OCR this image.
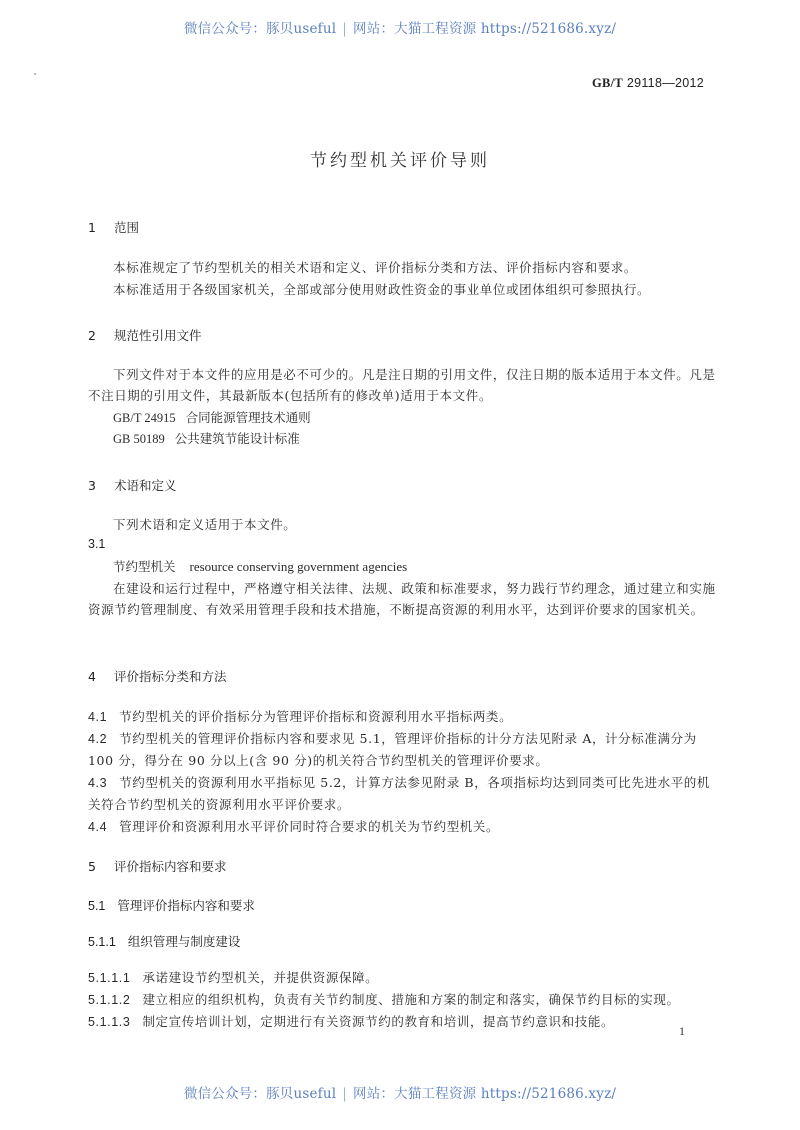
微信公众号：豚贝useful | 网站：大猫工程资源 https://521686.xyz/
GB/T 29118—2012
节约型机关评价导则
1 范围
本标准规定了节约型机关的相关术语和定义、评价指标分类和方法、评价指标内容和要求。
本标准适用于各级国家机关，全部或部分使用财政性资金的事业单位或团体组织可参照执行。
2 规范性引用文件
下列文件对于本文件的应用是必不可少的。凡是注日期的引用文件，仅注日期的版本适用于本文件。凡是不注日期的引用文件，其最新版本(包括所有的修改单)适用于本文件。
GB/T 24915 合同能源管理技术通则
GB 50189 公共建筑节能设计标准
3 术语和定义
下列术语和定义适用于本文件。
3.1
节约型机关 resource conserving government agencies
在建设和运行过程中，严格遵守相关法律、法规、政策和标准要求，努力践行节约理念，通过建立和实施资源节约管理制度、有效采用管理手段和技术措施，不断提高资源的利用水平，达到评价要求的国家机关。
4 评价指标分类和方法
4.1 节约型机关的评价指标分为管理评价指标和资源利用水平指标两类。
4.2 节约型机关的管理评价指标内容和要求见 5.1，管理评价指标的计分方法见附录 A，计分标准满分为 100 分，得分在 90 分以上(含 90 分)的机关符合节约型机关的管理评价要求。
4.3 节约型机关的资源利用水平指标见 5.2，计算方法参见附录 B，各项指标均达到同类可比先进水平的机关符合节约型机关的资源利用水平评价要求。
4.4 管理评价和资源利用水平评价同时符合要求的机关为节约型机关。
5 评价指标内容和要求
5.1 管理评价指标内容和要求
5.1.1 组织管理与制度建设
5.1.1.1 承诺建设节约型机关，并提供资源保障。
5.1.1.2 建立相应的组织机构，负责有关节约制度、措施和方案的制定和落实，确保节约目标的实现。
5.1.1.3 制定宣传培训计划，定期进行有关资源节约的教育和培训，提高节约意识和技能。
1
微信公众号：豚贝useful | 网站：大猫工程资源 https://521686.xyz/
